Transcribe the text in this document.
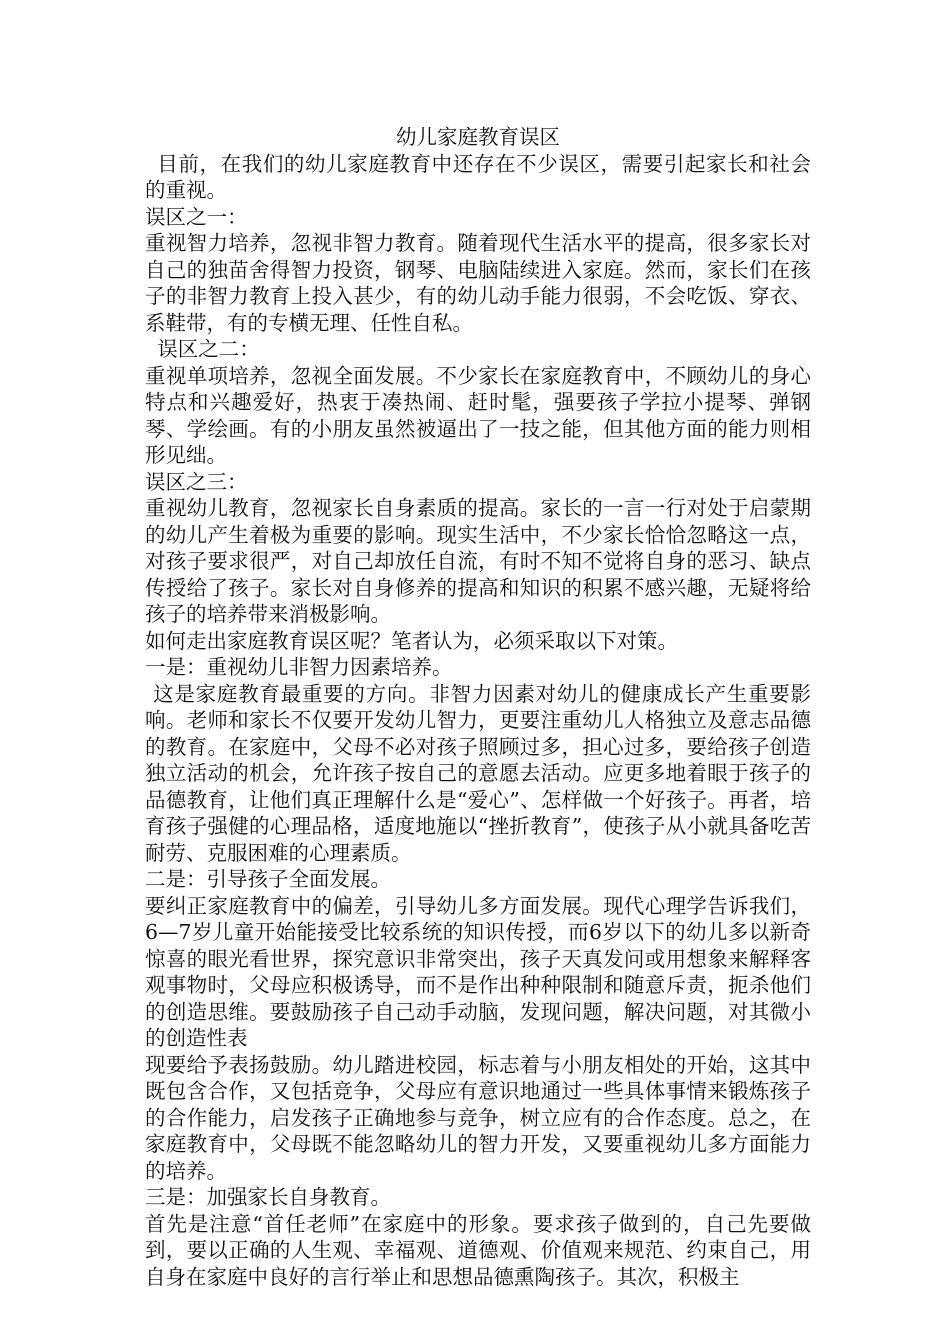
幼儿家庭教育误区
目前，在我们的幼儿家庭教育中还存在不少误区，需要引起家长和社会的重视。
误区之一：
重视智力培养，忽视非智力教育。随着现代生活水平的提高，很多家长对自己的独苗舍得智力投资，钢琴、电脑陆续进入家庭。然而，家长们在孩子的非智力教育上投入甚少，有的幼儿动手能力很弱，不会吃饭、穿衣、系鞋带，有的专横无理、任性自私。
误区之二：
重视单项培养，忽视全面发展。不少家长在家庭教育中，不顾幼儿的身心特点和兴趣爱好，热衷于凑热闹、赶时髦，强要孩子学拉小提琴、弹钢琴、学绘画。有的小朋友虽然被逼出了一技之能，但其他方面的能力则相形见绌。
误区之三：
重视幼儿教育，忽视家长自身素质的提高。家长的一言一行对处于启蒙期的幼儿产生着极为重要的影响。现实生活中，不少家长恰恰忽略这一点，对孩子要求很严，对自己却放任自流，有时不知不觉将自身的恶习、缺点传授给了孩子。家长对自身修养的提高和知识的积累不感兴趣，无疑将给孩子的培养带来消极影响。
如何走出家庭教育误区呢？笔者认为，必须采取以下对策。
一是：重视幼儿非智力因素培养。
这是家庭教育最重要的方向。非智力因素对幼儿的健康成长产生重要影响。老师和家长不仅要开发幼儿智力，更要注重幼儿人格独立及意志品德的教育。在家庭中，父母不必对孩子照顾过多，担心过多，要给孩子创造独立活动的机会，允许孩子按自己的意愿去活动。应更多地着眼于孩子的品德教育，让他们真正理解什么是“爱心”、怎样做一个好孩子。再者，培育孩子强健的心理品格，适度地施以“挫折教育”，使孩子从小就具备吃苦耐劳、克服困难的心理素质。
二是：引导孩子全面发展。
要纠正家庭教育中的偏差，引导幼儿多方面发展。现代心理学告诉我们，6—7岁儿童开始能接受比较系统的知识传授，而6岁以下的幼儿多以新奇惊喜的眼光看世界，探究意识非常突出，孩子天真发问或用想象来解释客观事物时，父母应积极诱导，而不是作出种种限制和随意斥责，扼杀他们的创造思维。要鼓励孩子自己动手动脑，发现问题，解决问题，对其微小的创造性表
现要给予表扬鼓励。幼儿踏进校园，标志着与小朋友相处的开始，这其中既包含合作，又包括竞争，父母应有意识地通过一些具体事情来锻炼孩子的合作能力，启发孩子正确地参与竞争，树立应有的合作态度。总之，在家庭教育中，父母既不能忽略幼儿的智力开发，又要重视幼儿多方面能力的培养。
三是：加强家长自身教育。
首先是注意“首任老师”在家庭中的形象。要求孩子做到的，自己先要做到，要以正确的人生观、幸福观、道德观、价值观来规范、约束自己，用自身在家庭中良好的言行举止和思想品德熏陶孩子。其次，积极主
